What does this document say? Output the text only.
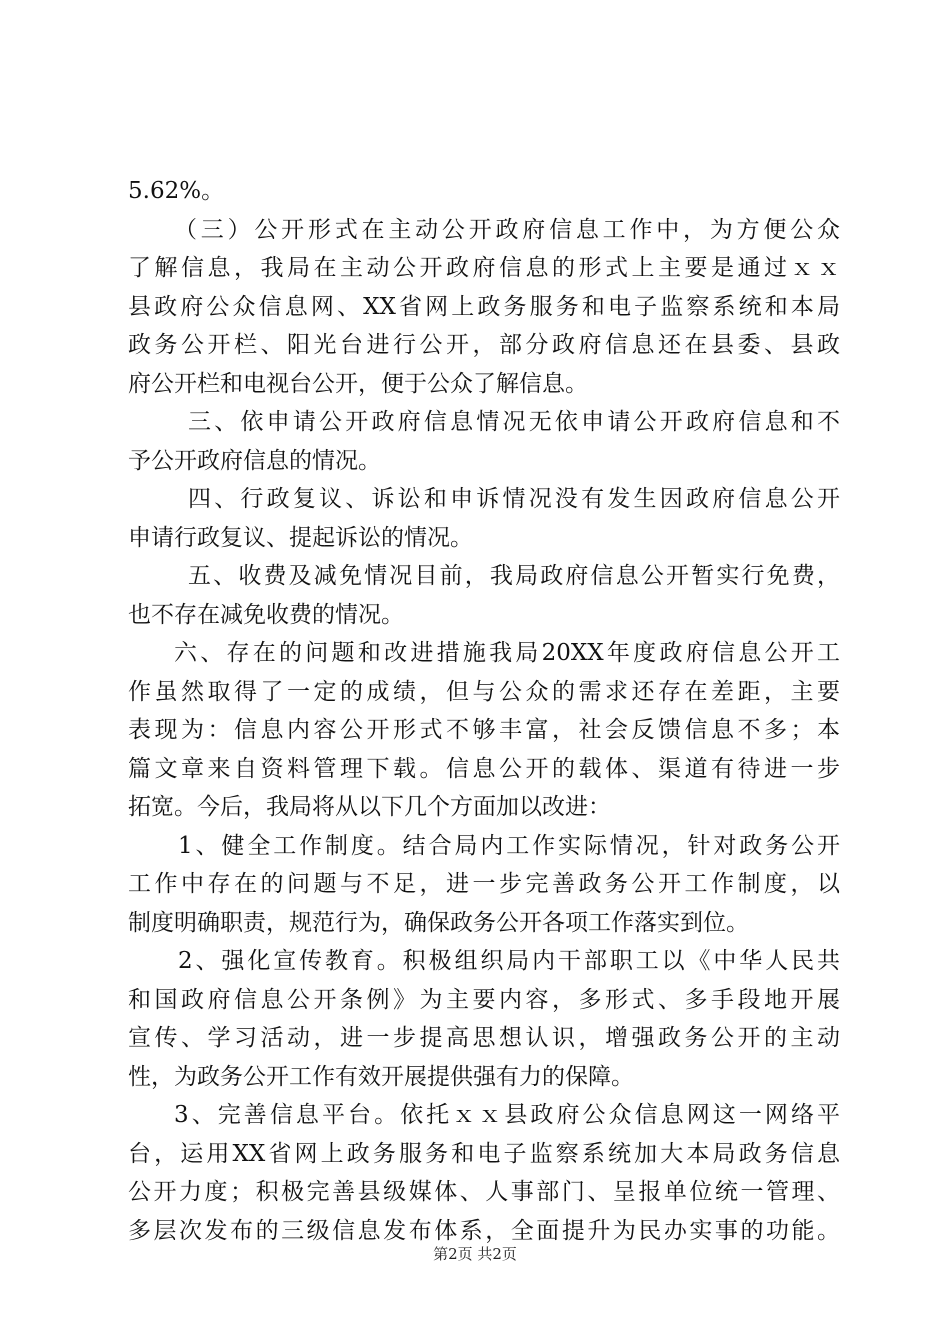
5.62%。
（三）公开形式在主动公开政府信息工作中，为方便公众
了解信息，我局在主动公开政府信息的形式上主要是通过ｘｘ
县政府公众信息网、XX省网上政务服务和电子监察系统和本局
政务公开栏、阳光台进行公开，部分政府信息还在县委、县政
府公开栏和电视台公开，便于公众了解信息。
三、依申请公开政府信息情况无依申请公开政府信息和不
予公开政府信息的情况。
四、行政复议、诉讼和申诉情况没有发生因政府信息公开
申请行政复议、提起诉讼的情况。
五、收费及减免情况目前，我局政府信息公开暂实行免费，
也不存在减免收费的情况。
六、存在的问题和改进措施我局20XX年度政府信息公开工
作虽然取得了一定的成绩，但与公众的需求还存在差距，主要
表现为：信息内容公开形式不够丰富，社会反馈信息不多；本
篇文章来自资料管理下载。信息公开的载体、渠道有待进一步
拓宽。今后，我局将从以下几个方面加以改进：
1、健全工作制度。结合局内工作实际情况，针对政务公开
工作中存在的问题与不足，进一步完善政务公开工作制度，以
制度明确职责，规范行为，确保政务公开各项工作落实到位。
2、强化宣传教育。积极组织局内干部职工以《中华人民共
和国政府信息公开条例》为主要内容，多形式、多手段地开展
宣传、学习活动，进一步提高思想认识，增强政务公开的主动
性，为政务公开工作有效开展提供强有力的保障。
3、完善信息平台。依托ｘｘ县政府公众信息网这一网络平
台，运用XX省网上政务服务和电子监察系统加大本局政务信息
公开力度；积极完善县级媒体、人事部门、呈报单位统一管理、
多层次发布的三级信息发布体系，全面提升为民办实事的功能。
第2页 共2页
